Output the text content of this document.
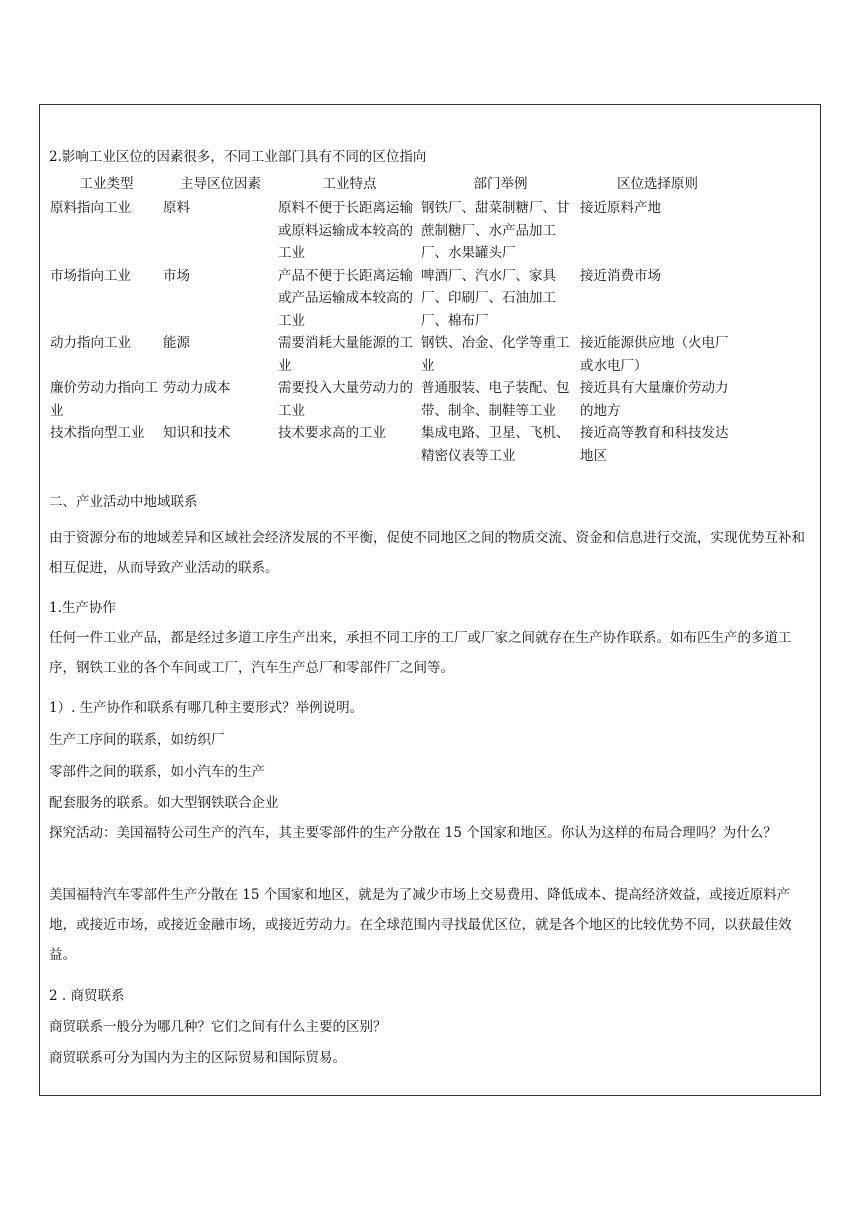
2.影响工业区位的因素很多，不同工业部门具有不同的区位指向
工业类型	主导区位因素	工业特点	部门举例	区位选择原则
原料指向工业	原料	原料不便于长距离运输或原料运输成本较高的工业	钢铁厂、甜菜制糖厂、甘蔗制糖厂、水产品加工厂、水果罐头厂	接近原料产地
市场指向工业	市场	产品不便于长距离运输或产品运输成本较高的工业	啤酒厂、汽水厂、家具厂、印刷厂、石油加工厂、棉布厂	接近消费市场
动力指向工业	能源	需要消耗大量能源的工业	钢铁、冶金、化学等重工业	接近能源供应地（火电厂或水电厂）
廉价劳动力指向工业	劳动力成本	需要投入大量劳动力的工业	普通服装、电子装配、包带、制伞、制鞋等工业	接近具有大量廉价劳动力的地方
技术指向型工业	知识和技术	技术要求高的工业	集成电路、卫星、飞机、精密仪表等工业	接近高等教育和科技发达地区
二、产业活动中地域联系
由于资源分布的地域差异和区域社会经济发展的不平衡，促使不同地区之间的物质交流、资金和信息进行交流，实现优势互补和相互促进，从而导致产业活动的联系。
1.生产协作
任何一件工业产品，都是经过多道工序生产出来，承担不同工序的工厂或厂家之间就存在生产协作联系。如布匹生产的多道工序，钢铁工业的各个车间或工厂，汽车生产总厂和零部件厂之间等。
1）. 生产协作和联系有哪几种主要形式？举例说明。
生产工序间的联系，如纺织厂
零部件之间的联系，如小汽车的生产
配套服务的联系。如大型钢铁联合企业
探究活动：美国福特公司生产的汽车，其主要零部件的生产分散在 15 个国家和地区。你认为这样的布局合理吗？为什么？
美国福特汽车零部件生产分散在 15 个国家和地区，就是为了减少市场上交易费用、降低成本、提高经济效益，或接近原料产地，或接近市场，或接近金融市场，或接近劳动力。在全球范围内寻找最优区位，就是各个地区的比较优势不同，以获最佳效益。
2 . 商贸联系
商贸联系一般分为哪几种？它们之间有什么主要的区别？
商贸联系可分为国内为主的区际贸易和国际贸易。
